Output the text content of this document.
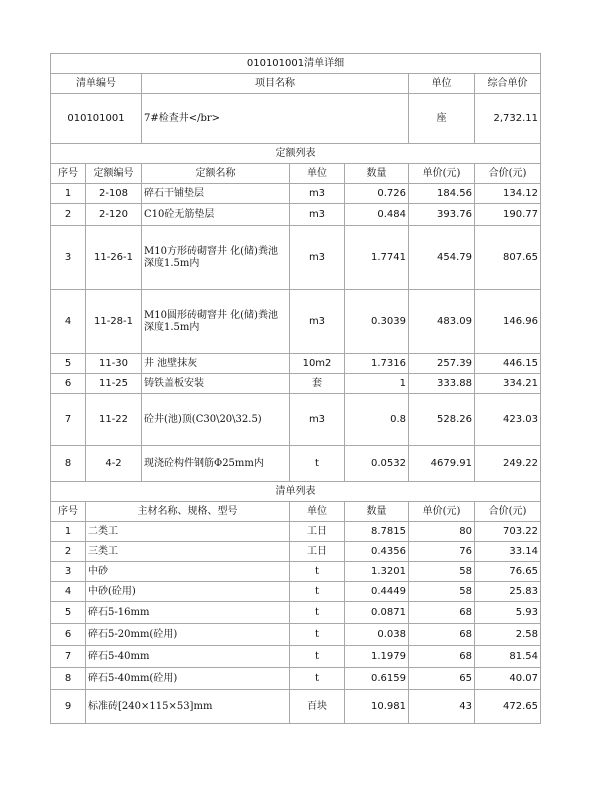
010101001清单详细						
清单编号		项目名称			单位	综合单价
010101001		7#检查井</br>			座	2,732.11
定额列表						
序号	定额编号	定额名称	单位	数量	单价(元)	合价(元)
1	2-108	碎石干铺垫层	m3	0.726	184.56	134.12
2	2-120	C10砼无筋垫层	m3	0.484	393.76	190.77
3	11-26-1	M10方形砖砌窨井 化(储)粪池深度1.5m内	m3	1.7741	454.79	807.65
4	11-28-1	M10圆形砖砌窨井 化(储)粪池深度1.5m内	m3	0.3039	483.09	146.96
5	11-30	井 池壁抹灰	10m2	1.7316	257.39	446.15
6	11-25	铸铁盖板安装	套	1	333.88	334.21
7	11-22	砼井(池)顶(C30\20\32.5)	m3	0.8	528.26	423.03
8	4-2	现浇砼构件钢筋Φ25mm内	t	0.0532	4679.91	249.22
清单列表						
序号	主材名称、规格、型号		单位	数量	单价(元)	合价(元)
1	二类工		工日	8.7815	80	703.22
2	三类工		工日	0.4356	76	33.14
3	中砂		t	1.3201	58	76.65
4	中砂(砼用)		t	0.4449	58	25.83
5	碎石5-16mm		t	0.0871	68	5.93
6	碎石5-20mm(砼用)		t	0.038	68	2.58
7	碎石5-40mm		t	1.1979	68	81.54
8	碎石5-40mm(砼用)		t	0.6159	65	40.07
9	标准砖[240×115×53]mm		百块	10.981	43	472.65
